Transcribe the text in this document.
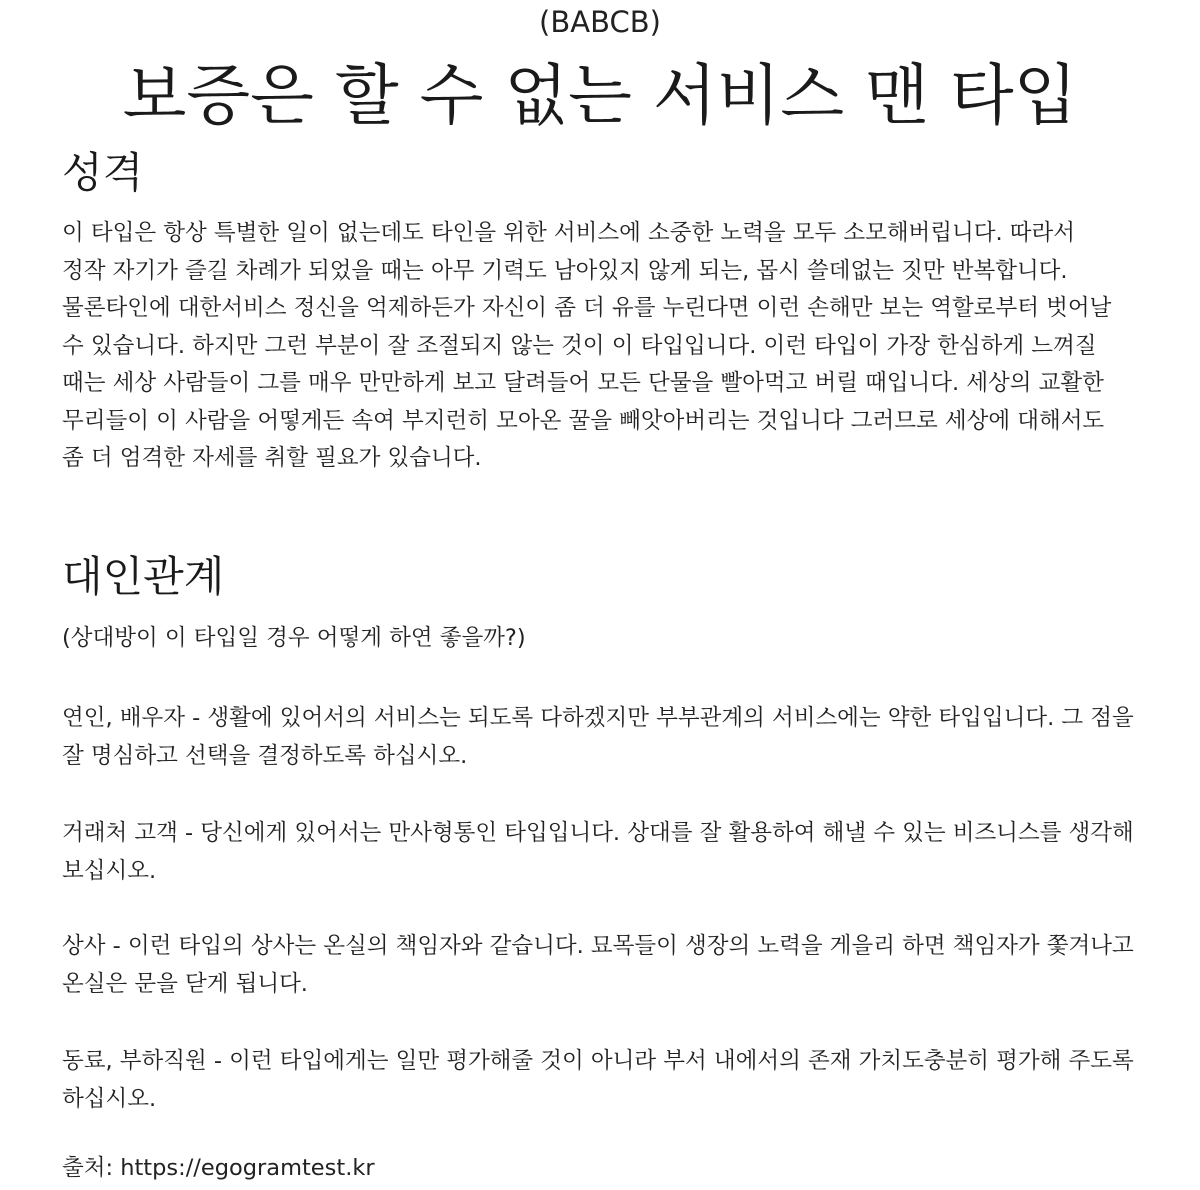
(BABCB)
보증은 할 수 없는 서비스 맨 타입
성격

이 타입은 항상 특별한 일이 없는데도 타인을 위한 서비스에 소중한 노력을 모두 소모해버립니다. 따라서 정작 자기가 즐길 차례가 되었을 때는 아무 기력도 남아있지 않게 되는, 몹시 쓸데없는 짓만 반복합니다. 물론타인에 대한서비스 정신을 억제하든가 자신이 좀 더 유를 누린다면 이런 손해만 보는 역할로부터 벗어날 수 있습니다. 하지만 그런 부분이 잘 조절되지 않는 것이 이 타입입니다. 이런 타입이 가장 한심하게 느껴질 때는 세상 사람들이 그를 매우 만만하게 보고 달려들어 모든 단물을 빨아먹고 버릴 때입니다. 세상의 교활한 무리들이 이 사람을 어떻게든 속여 부지런히 모아온 꿀을 빼앗아버리는 것입니다 그러므로 세상에 대해서도 좀 더 엄격한 자세를 취할 필요가 있습니다.

대인관계

(상대방이 이 타입일 경우 어떻게 하연 좋을까?)

연인, 배우자 - 생활에 있어서의 서비스는 되도록 다하겠지만 부부관계의 서비스에는 약한 타입입니다. 그 점을 잘 명심하고 선택을 결정하도록 하십시오.

거래처 고객 - 당신에게 있어서는 만사형통인 타입입니다. 상대를 잘 활용하여 해낼 수 있는 비즈니스를 생각해 보십시오.

상사 - 이런 타입의 상사는 온실의 책임자와 같습니다. 묘목들이 생장의 노력을 게을리 하면 책임자가 쫓겨나고 온실은 문을 닫게 됩니다.

동료, 부하직원 - 이런 타입에게는 일만 평가해줄 것이 아니라 부서 내에서의 존재 가치도충분히 평가해 주도록 하십시오.

출처: https://egogramtest.kr
